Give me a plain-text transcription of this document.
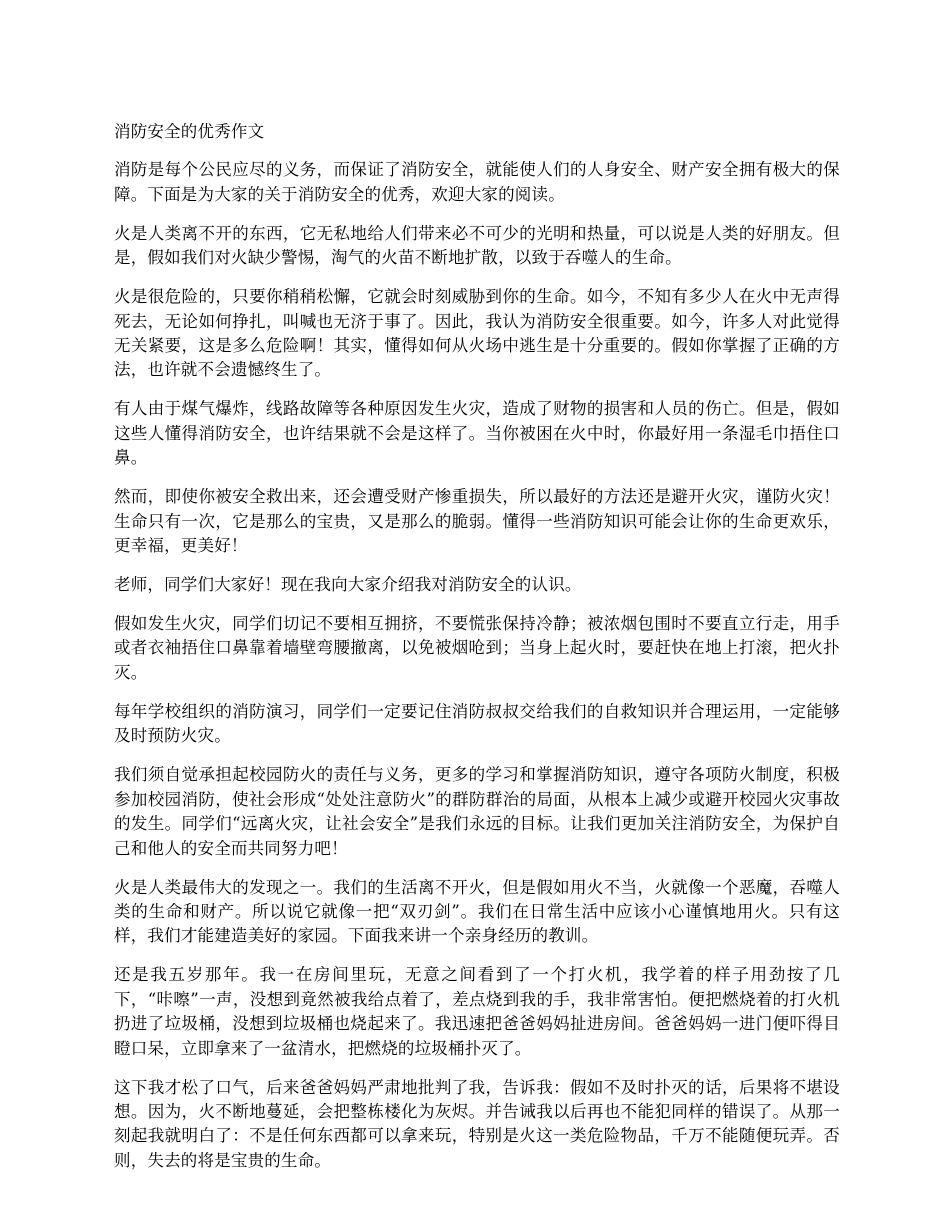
消防安全的优秀作文

消防是每个公民应尽的义务，而保证了消防安全，就能使人们的人身安全、财产安全拥有极大的保障。下面是为大家的关于消防安全的优秀，欢迎大家的阅读。

火是人类离不开的东西，它无私地给人们带来必不可少的光明和热量，可以说是人类的好朋友。但是，假如我们对火缺少警惕，淘气的火苗不断地扩散，以致于吞噬人的生命。

火是很危险的，只要你稍稍松懈，它就会时刻威胁到你的生命。如今，不知有多少人在火中无声得死去，无论如何挣扎，叫喊也无济于事了。因此，我认为消防安全很重要。如今，许多人对此觉得无关紧要，这是多么危险啊！其实，懂得如何从火场中逃生是十分重要的。假如你掌握了正确的方法，也许就不会遗憾终生了。

有人由于煤气爆炸，线路故障等各种原因发生火灾，造成了财物的损害和人员的伤亡。但是，假如这些人懂得消防安全，也许结果就不会是这样了。当你被困在火中时，你最好用一条湿毛巾捂住口鼻。

然而，即使你被安全救出来，还会遭受财产惨重损失，所以最好的方法还是避开火灾，谨防火灾！生命只有一次，它是那么的宝贵，又是那么的脆弱。懂得一些消防知识可能会让你的生命更欢乐，更幸福，更美好！

老师，同学们大家好！现在我向大家介绍我对消防安全的认识。

假如发生火灾，同学们切记不要相互拥挤，不要慌张保持冷静；被浓烟包围时不要直立行走，用手或者衣袖捂住口鼻靠着墙壁弯腰撤离，以免被烟呛到；当身上起火时，要赶快在地上打滚，把火扑灭。

每年学校组织的消防演习，同学们一定要记住消防叔叔交给我们的自救知识并合理运用，一定能够及时预防火灾。

我们须自觉承担起校园防火的责任与义务，更多的学习和掌握消防知识，遵守各项防火制度，积极参加校园消防，使社会形成“处处注意防火”的群防群治的局面，从根本上减少或避开校园火灾事故的发生。同学们“远离火灾，让社会安全”是我们永远的目标。让我们更加关注消防安全，为保护自己和他人的安全而共同努力吧！

火是人类最伟大的发现之一。我们的生活离不开火，但是假如用火不当，火就像一个恶魔，吞噬人类的生命和财产。所以说它就像一把“双刃剑”。我们在日常生活中应该小心谨慎地用火。只有这样，我们才能建造美好的家园。下面我来讲一个亲身经历的教训。

还是我五岁那年。我一在房间里玩，无意之间看到了一个打火机，我学着的样子用劲按了几下，“咔嚓”一声，没想到竟然被我给点着了，差点烧到我的手，我非常害怕。便把燃烧着的打火机扔进了垃圾桶，没想到垃圾桶也烧起来了。我迅速把爸爸妈妈扯进房间。爸爸妈妈一进门便吓得目瞪口呆，立即拿来了一盆清水，把燃烧的垃圾桶扑灭了。

这下我才松了口气，后来爸爸妈妈严肃地批判了我，告诉我：假如不及时扑灭的话，后果将不堪设想。因为，火不断地蔓延，会把整栋楼化为灰烬。并告诫我以后再也不能犯同样的错误了。从那一刻起我就明白了：不是任何东西都可以拿来玩，特别是火这一类危险物品，千万不能随便玩弄。否则，失去的将是宝贵的生命。
